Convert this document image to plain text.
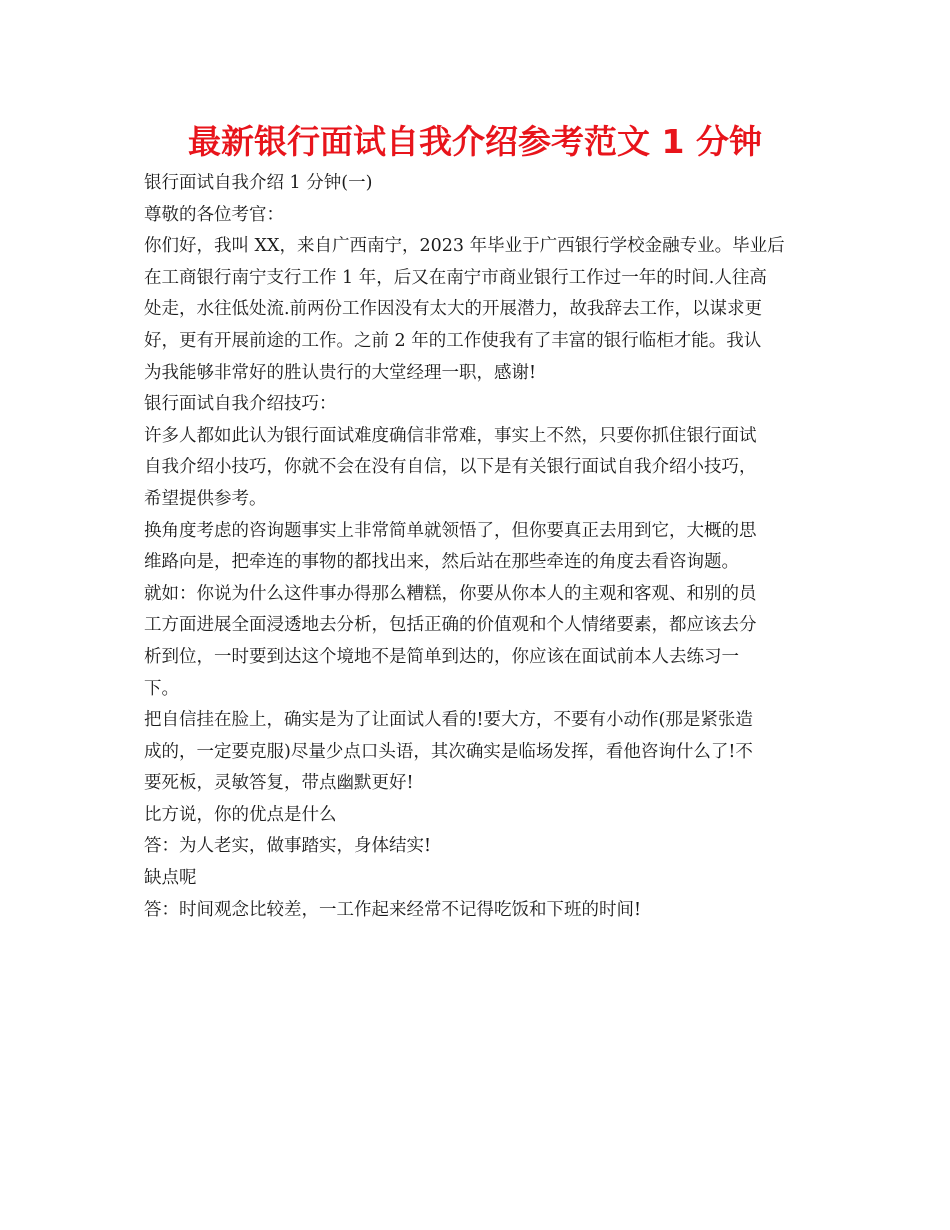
最新银行面试自我介绍参考范文 1 分钟
银行面试自我介绍 1 分钟(一)
尊敬的各位考官：
你们好，我叫 XX，来自广西南宁，2023 年毕业于广西银行学校金融专业。毕业后
在工商银行南宁支行工作 1 年，后又在南宁市商业银行工作过一年的时间.人往高
处走，水往低处流.前两份工作因没有太大的开展潜力，故我辞去工作，以谋求更
好，更有开展前途的工作。之前 2 年的工作使我有了丰富的银行临柜才能。我认
为我能够非常好的胜认贵行的大堂经理一职，感谢!
银行面试自我介绍技巧：
许多人都如此认为银行面试难度确信非常难，事实上不然，只要你抓住银行面试
自我介绍小技巧，你就不会在没有自信，以下是有关银行面试自我介绍小技巧，
希望提供参考。
换角度考虑的咨询题事实上非常简单就领悟了，但你要真正去用到它，大概的思
维路向是，把牵连的事物的都找出来，然后站在那些牵连的角度去看咨询题。
就如：你说为什么这件事办得那么糟糕，你要从你本人的主观和客观、和别的员
工方面进展全面浸透地去分析，包括正确的价值观和个人情绪要素，都应该去分
析到位，一时要到达这个境地不是简单到达的，你应该在面试前本人去练习一
下。
把自信挂在脸上，确实是为了让面试人看的!要大方，不要有小动作(那是紧张造
成的，一定要克服)尽量少点口头语，其次确实是临场发挥，看他咨询什么了!不
要死板，灵敏答复，带点幽默更好!
比方说，你的优点是什么
答：为人老实，做事踏实，身体结实!
缺点呢
答：时间观念比较差，一工作起来经常不记得吃饭和下班的时间!
